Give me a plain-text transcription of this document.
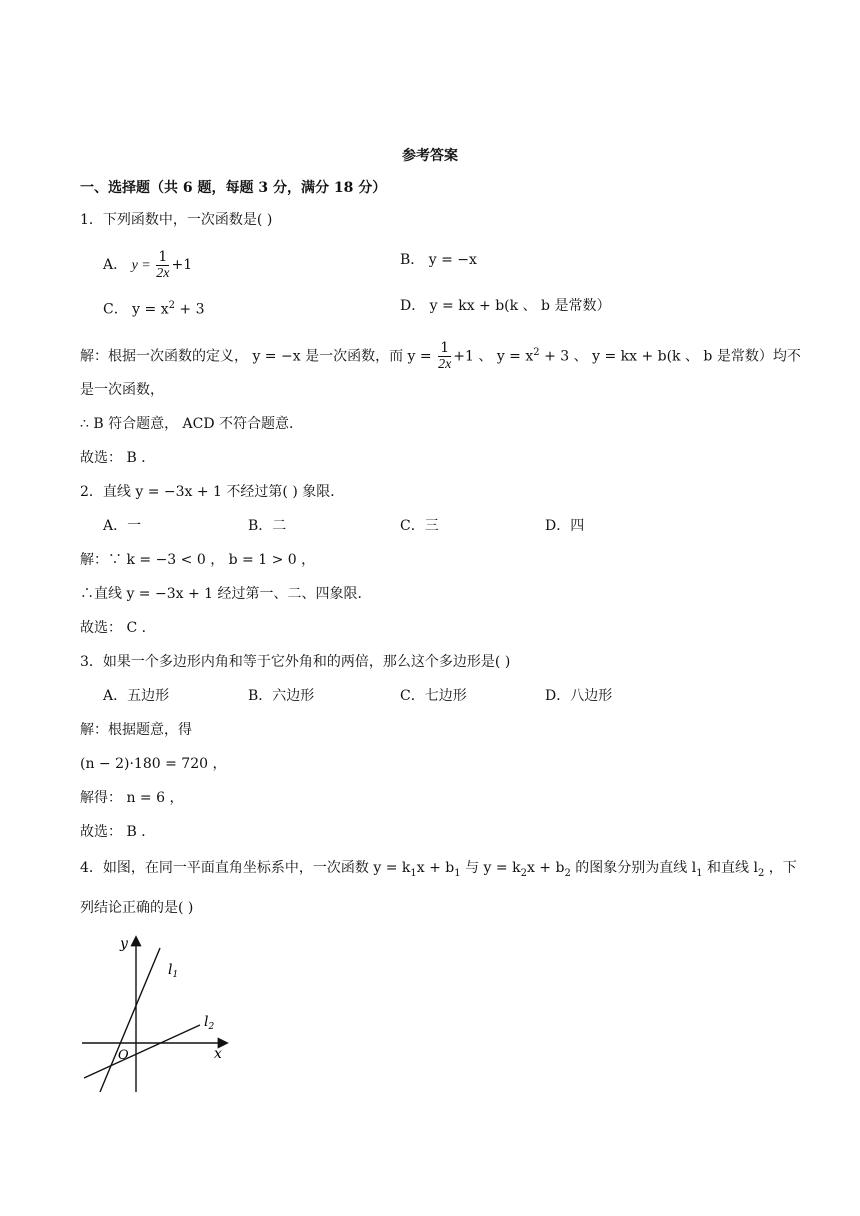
参考答案
一、选择题（共 6 题，每题 3 分，满分 18 分）
1．下列函数中，一次函数是( )
A． $y = \frac{1}{2x} +1$	B． y = −x
C． $y = x^2 + 3$	D． y = kx + b(k 、 b 是常数）
解：根据一次函数的定义， y = −x 是一次函数，而 $y = \frac{1}{2x} +1$ 、 $y = x^2 + 3$ 、 y = kx + b(k 、 b 是常数）均不
是一次函数，
∴ B 符合题意， ACD 不符合题意．
故选： B ．
2．直线 y = −3x + 1 不经过第( ) 象限．
A．一	B．二	C．三	D．四
解：∵ k = −3 < 0 ， b = 1 > 0 ，
∴直线 y = −3x + 1 经过第一、二、四象限．
故选： C ．
3．如果一个多边形内角和等于它外角和的两倍，那么这个多边形是( )
A．五边形	B．六边形	C．七边形	D．八边形
解：根据题意，得
(n − 2)·180 = 720 ，
解得： n = 6 ，
故选： B ．
4．如图，在同一平面直角坐标系中，一次函数 $y = k_1x + b_1$ 与 $y = k_2x + b_2$ 的图象分别为直线 $l_1$ 和直线 $l_2$ ，下
列结论正确的是( )
y
x
O
$l_1$
$l_2$
